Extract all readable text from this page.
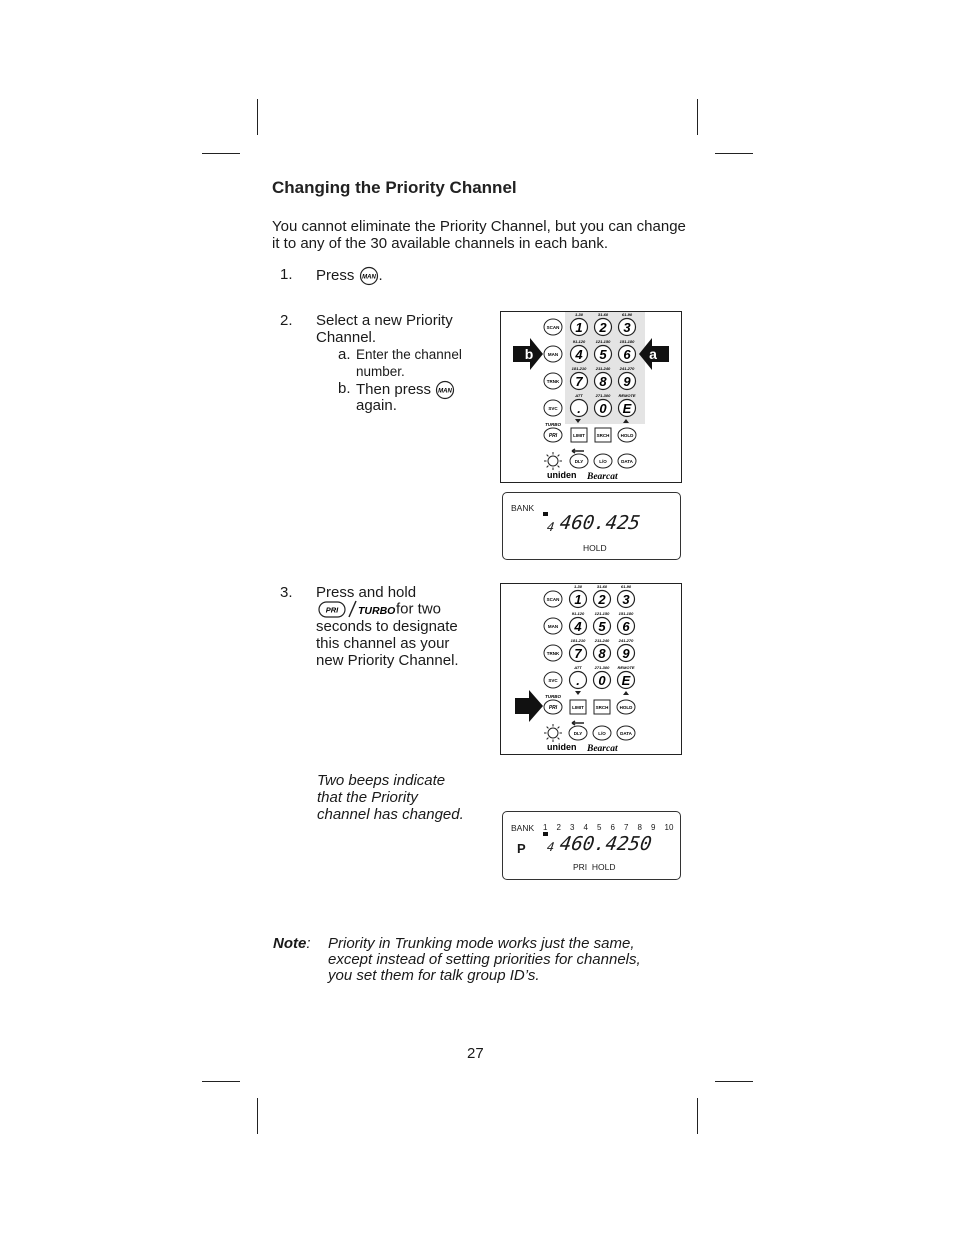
Changing the Priority Channel

You cannot eliminate the Priority Channel, but you can change it to any of the 30 available channels in each bank.

1. Press MAN .
2. Select a new Priority
Channel.
a. Enter the channel
number.
b. Then press MAN
again.
SCAN
MAN
TRNK
SVC
1-30
1
31-60
2
61-90
3
91-120
4
121-150
5
151-180
6
181-210
7
211-240
8
241-270
9
ATT
.
271-300
0
REMOTE
E
TURBO
PRI	LIMIT	SRCH HOLD
DLY	L/O	DATA
uniden Bearcat
b	a
BANK
4 460.425
HOLD
3. Press and hold
PRI TURBO for two
seconds to designate
this channel as your
new Priority Channel.
SCAN
MAN
TRNK
SVC
1-30
1
31-60
2
61-90
3
91-120
4
121-150
5
151-180
6
181-210
7
211-240
8
241-270
9
ATT
.
271-300
0
REMOTE
E
TURBO
PRI	LIMIT	SRCH HOLD
DLY	L/O	DATA
uniden Bearcat
Two beeps indicate
that the Priority
channel has changed.
BANK 1 2 3 4 5 6 7 8 9 10
P 4 460.4250
PRI  HOLD
Note: Priority in Trunking mode works just the same,
except instead of setting priorities for channels,
you set them for talk group ID’s.
27
